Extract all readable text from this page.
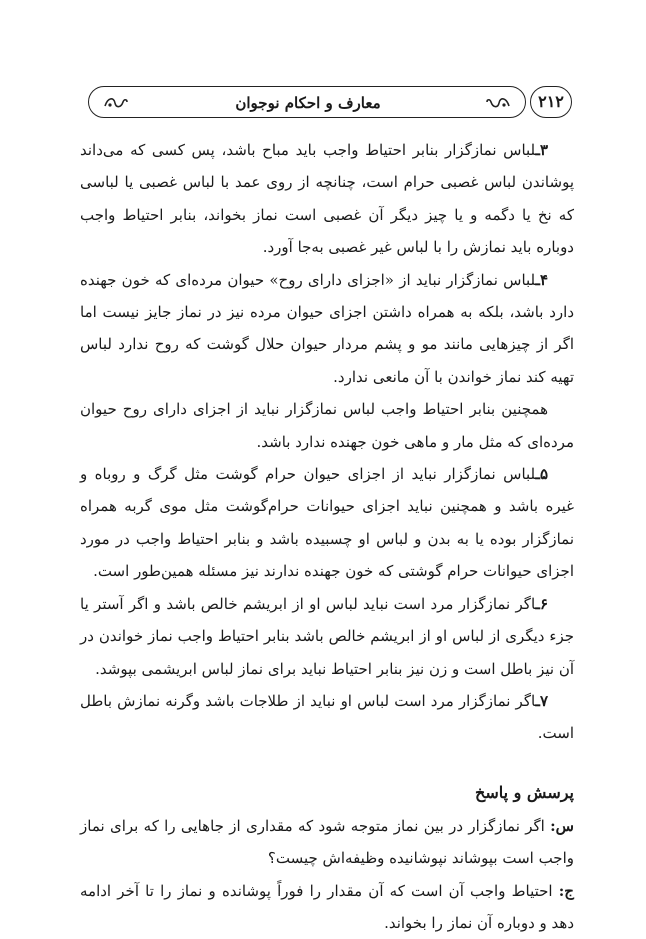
معارف و احکام نوجوان	۲۱۲

۳ـلباس نمازگزار بنابر احتیاط واجب باید مباح باشد، پس کسی که می‌داند پوشاندن لباس غصبی حرام است، چنانچه از روی عمد با لباس غصبی یا لباسی که نخ یا دگمه و یا چیز دیگر آن غصبی است نماز بخواند، بنابر احتیاط واجب دوباره باید نمازش را با لباس غیر غصبی به‌جا آورد.

۴ـلباس نمازگزار نباید از «اجزای دارای روح» حیوان مرده‌ای که خون جهنده دارد باشد، بلکه به همراه داشتن اجزای حیوان مرده نیز در نماز جایز نیست اما اگر از چیزهایی مانند مو و پشم مردار حیوان حلال گوشت که روح ندارد لباس تهیه کند نماز خواندن با آن مانعی ندارد.

همچنین بنابر احتیاط واجب لباس نمازگزار نباید از اجزای دارای روح حیوان مرده‌ای که مثل مار و ماهی خون جهنده ندارد باشد.

۵ـلباس نمازگزار نباید از اجزای حیوان حرام گوشت مثل گرگ و روباه و غیره باشد و همچنین نباید اجزای حیوانات حرام‌گوشت مثل موی گربه همراه نمازگزار بوده یا به بدن و لباس او چسبیده باشد و بنابر احتیاط واجب در مورد اجزای حیوانات حرام گوشتی که خون جهنده ندارند نیز مسئله همین‌طور است.

۶ـاگر نمازگزار مرد است نباید لباس او از ابریشم خالص باشد و اگر آستر یا جزء دیگری از لباس او از ابریشم خالص باشد بنابر احتیاط واجب نماز خواندن در آن نیز باطل است و زن نیز بنابر احتیاط نباید برای نماز لباس ابریشمی بپوشد.

۷ـاگر نمازگزار مرد است لباس او نباید از طلاجات باشد وگرنه نمازش باطل است.

پرسش و پاسخ

س: اگر نمازگزار در بین نماز متوجه شود که مقداری از جاهایی را که برای نماز واجب است بپوشاند نپوشانیده وظیفه‌اش چیست؟

ج: احتیاط واجب آن است که آن مقدار را فوراً پوشانده و نماز را تا آخر ادامه دهد و دوباره آن نماز را بخواند.
